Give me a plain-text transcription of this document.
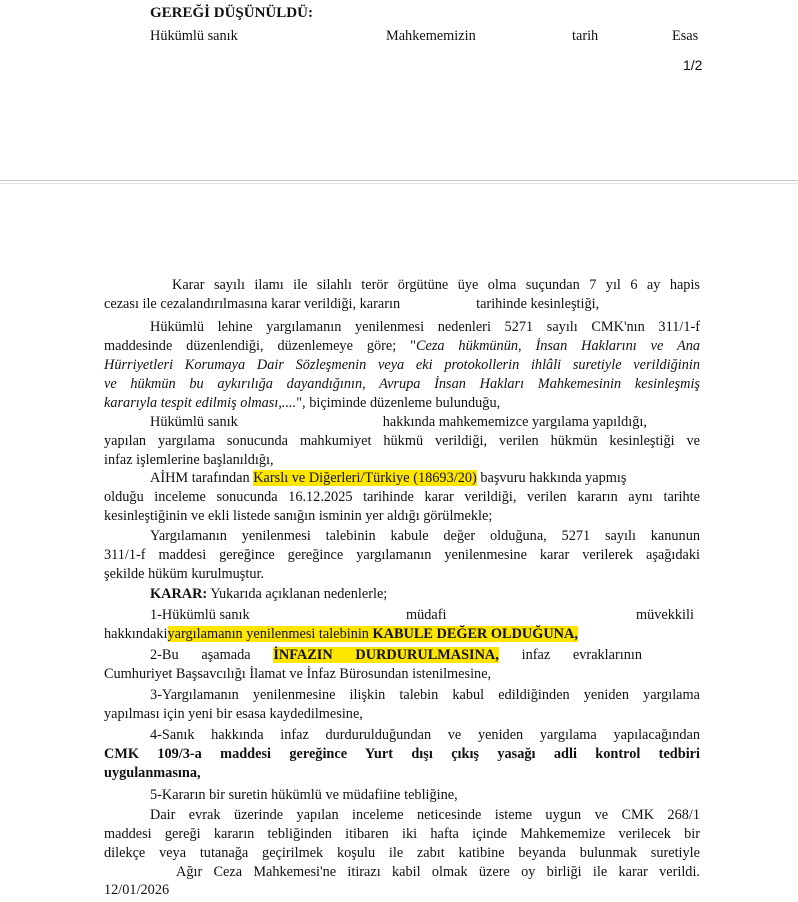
GEREĞİ DÜŞÜNÜLDÜ:
Hükümlü sanık	Mahkememizin	tarih	Esas
1/2
Karar sayılı ilamı ile silahlı terör örgütüne üye olma suçundan 7 yıl 6 ay hapis
cezası ile cezalandırılmasına karar verildiği, kararın	tarihinde kesinleştiği,
Hükümlü lehine yargılamanın yenilenmesi nedenleri 5271 sayılı CMK'nın 311/1-f
maddesinde düzenlendiği, düzenlemeye göre; "Ceza hükmünün, İnsan Haklarını ve Ana
Hürriyetleri Korumaya Dair Sözleşmenin veya eki protokollerin ihlâli suretiyle verildiğinin
ve hükmün bu aykırılığa dayandığının, Avrupa İnsan Hakları Mahkemesinin kesinleşmiş
kararıyla tespit edilmiş olması,....", biçiminde düzenleme bulunduğu,
Hükümlü sanık	hakkında mahkememizce yargılama yapıldığı,
yapılan yargılama sonucunda mahkumiyet hükmü verildiği, verilen hükmün kesinleştiği ve
infaz işlemlerine başlanıldığı,
AİHM tarafından Karslı ve Diğerleri/Türkiye (18693/20) başvuru hakkında yapmış
olduğu inceleme sonucunda 16.12.2025 tarihinde karar verildiği, verilen kararın aynı tarihte
kesinleştiğinin ve ekli listede sanığın isminin yer aldığı görülmekle;
Yargılamanın yenilenmesi talebinin kabule değer olduğuna, 5271 sayılı kanunun
311/1-f maddesi gereğince gereğince yargılamanın yenilenmesine karar verilerek aşağıdaki
şekilde hüküm kurulmuştur.
KARAR: Yukarıda açıklanan nedenlerle;
1-Hükümlü sanık	müdafi	müvekkili
hakkındakiyargılamanın yenilenmesi talebinin KABULE DEĞER OLDUĞUNA,
2-Bu aşamada İNFAZIN DURDURULMASINA, infaz evraklarının
Cumhuriyet Başsavcılığı İlamat ve İnfaz Bürosundan istenilmesine,
3-Yargılamanın yenilenmesine ilişkin talebin kabul edildiğinden yeniden yargılama
yapılması için yeni bir esasa kaydedilmesine,
4-Sanık hakkında infaz durdurulduğundan ve yeniden yargılama yapılacağından
CMK 109/3-a maddesi gereğince Yurt dışı çıkış yasağı adli kontrol tedbiri
uygulanmasına,
5-Kararın bir suretin hükümlü ve müdafiine tebliğine,
Dair evrak üzerinde yapılan inceleme neticesinde isteme uygun ve CMK 268/1
maddesi gereği kararın tebliğinden itibaren iki hafta içinde Mahkememize verilecek bir
dilekçe veya tutanağa geçirilmek koşulu ile zabıt katibine beyanda bulunmak suretiyle
Ağır Ceza Mahkemesi'ne itirazı kabil olmak üzere oy birliği ile karar verildi.
12/01/2026
